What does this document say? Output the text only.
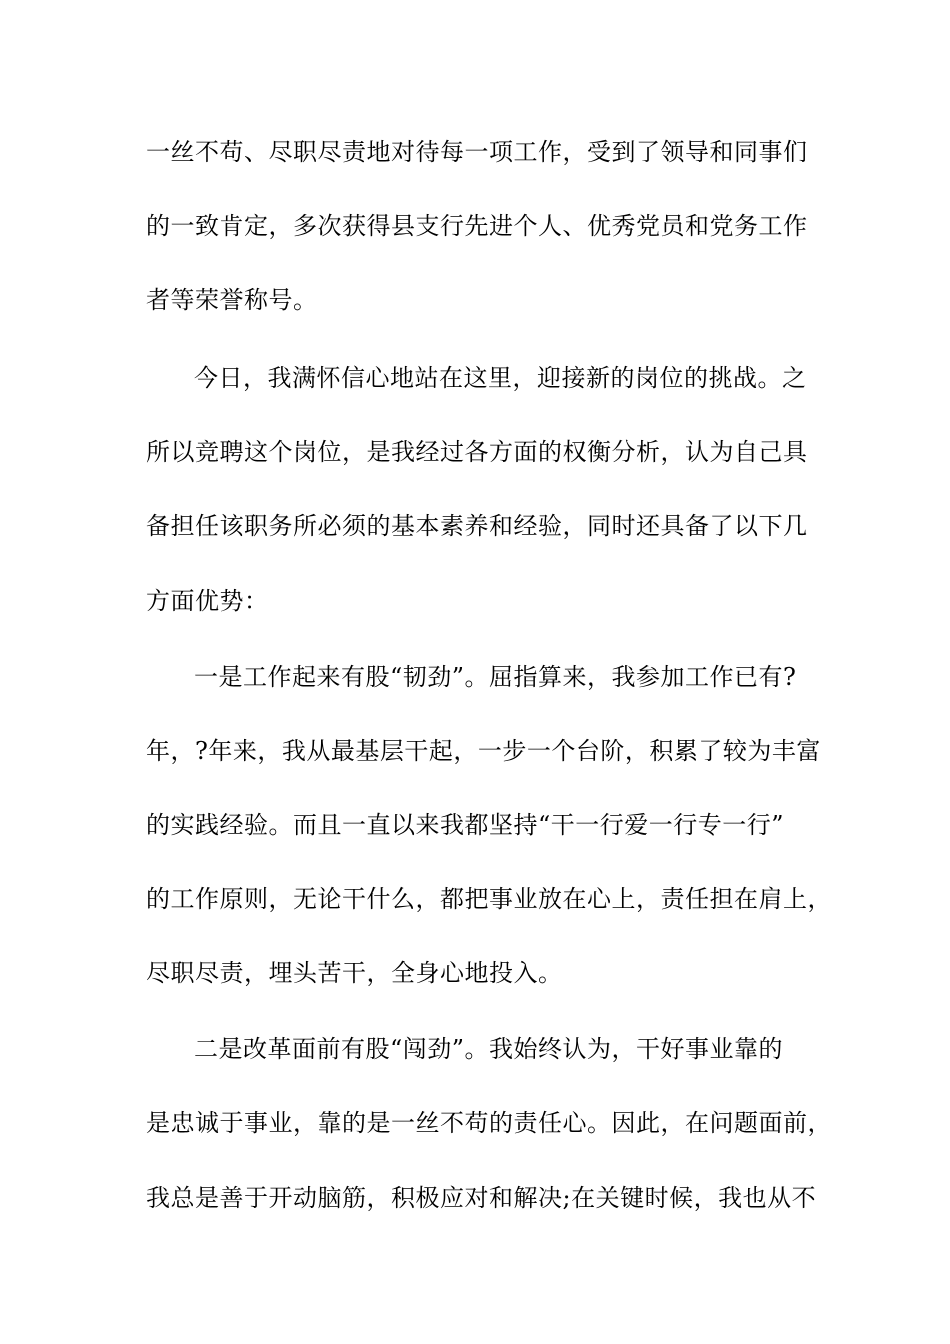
一丝不苟、尽职尽责地对待每一项工作，受到了领导和同事们
的一致肯定，多次获得县支行先进个人、优秀党员和党务工作
者等荣誉称号。
今日，我满怀信心地站在这里，迎接新的岗位的挑战。之
所以竞聘这个岗位，是我经过各方面的权衡分析，认为自己具
备担任该职务所必须的基本素养和经验，同时还具备了以下几
方面优势：
一是工作起来有股“韧劲”。屈指算来，我参加工作已有?
年，?年来，我从最基层干起，一步一个台阶，积累了较为丰富
的实践经验。而且一直以来我都坚持“干一行爱一行专一行”
的工作原则，无论干什么，都把事业放在心上，责任担在肩上，
尽职尽责，埋头苦干，全身心地投入。
二是改革面前有股“闯劲”。我始终认为，干好事业靠的
是忠诚于事业，靠的是一丝不苟的责任心。因此，在问题面前，
我总是善于开动脑筋，积极应对和解决;在关键时候，我也从不
